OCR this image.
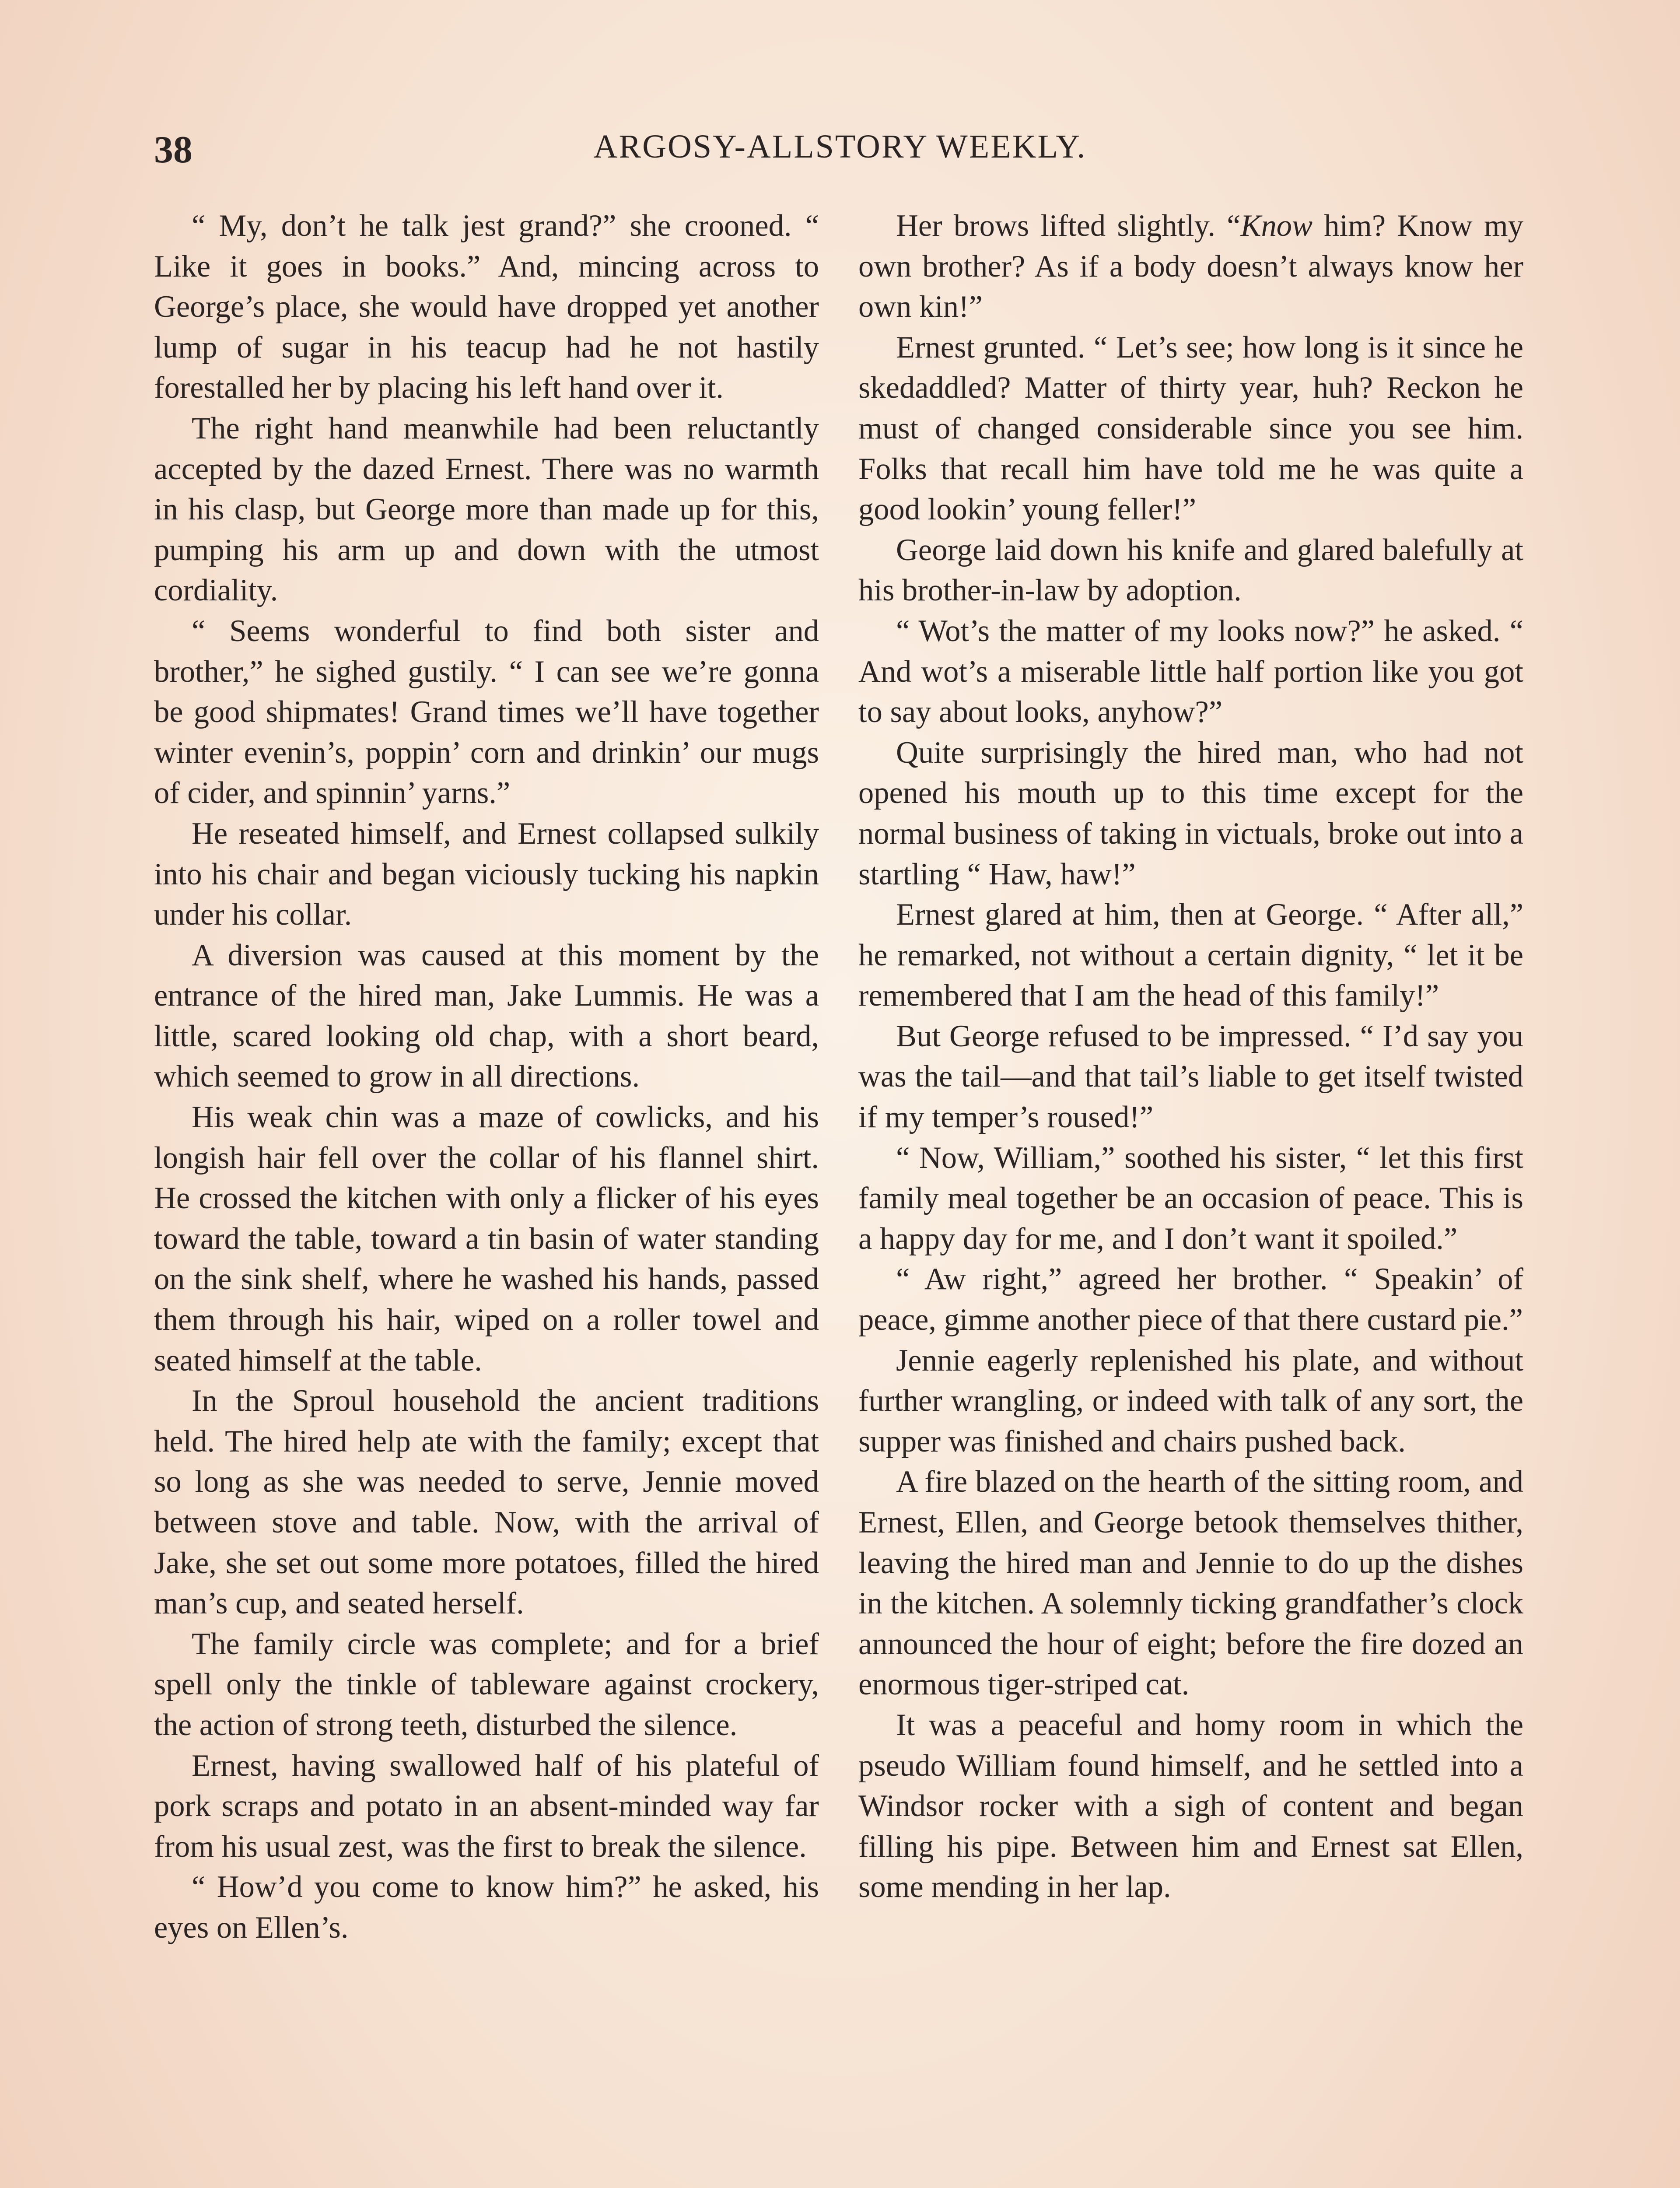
38	ARGOSY-ALLSTORY WEEKLY.

“ My, don’t he talk jest grand?” she crooned. “ Like it goes in books.” And, mincing across to George’s place, she would have dropped yet another lump of sugar in his teacup had he not hastily forestalled her by placing his left hand over it.

The right hand meanwhile had been reluctantly accepted by the dazed Ernest. There was no warmth in his clasp, but George more than made up for this, pumping his arm up and down with the utmost cordiality.

“ Seems wonderful to find both sister and brother,” he sighed gustily. “ I can see we’re gonna be good shipmates! Grand times we’ll have together winter evenin’s, poppin’ corn and drinkin’ our mugs of cider, and spinnin’ yarns.”

He reseated himself, and Ernest collapsed sulkily into his chair and began viciously tucking his napkin under his collar.

A diversion was caused at this moment by the entrance of the hired man, Jake Lummis. He was a little, scared looking old chap, with a short beard, which seemed to grow in all directions.

His weak chin was a maze of cowlicks, and his longish hair fell over the collar of his flannel shirt. He crossed the kitchen with only a flicker of his eyes toward the table, toward a tin basin of water standing on the sink shelf, where he washed his hands, passed them through his hair, wiped on a roller towel and seated himself at the table.

In the Sproul household the ancient traditions held. The hired help ate with the family; except that so long as she was needed to serve, Jennie moved between stove and table. Now, with the arrival of Jake, she set out some more potatoes, filled the hired man’s cup, and seated herself.

The family circle was complete; and for a brief spell only the tinkle of tableware against crockery, the action of strong teeth, disturbed the silence.

Ernest, having swallowed half of his plateful of pork scraps and potato in an absent-minded way far from his usual zest, was the first to break the silence.

“ How’d you come to know him?” he asked, his eyes on Ellen’s.

Her brows lifted slightly. “Know him? Know my own brother? As if a body doesn’t always know her own kin!”

Ernest grunted. “ Let’s see; how long is it since he skedaddled? Matter of thirty year, huh? Reckon he must of changed considerable since you see him. Folks that recall him have told me he was quite a good lookin’ young feller!”

George laid down his knife and glared balefully at his brother-in-law by adoption.

“ Wot’s the matter of my looks now?” he asked. “ And wot’s a miserable little half portion like you got to say about looks, anyhow?”

Quite surprisingly the hired man, who had not opened his mouth up to this time except for the normal business of taking in victuals, broke out into a startling “ Haw, haw!”

Ernest glared at him, then at George. “ After all,” he remarked, not without a certain dignity, “ let it be remembered that I am the head of this family!”

But George refused to be impressed. “ I’d say you was the tail—and that tail’s liable to get itself twisted if my temper’s roused!”

“ Now, William,” soothed his sister, “ let this first family meal together be an occasion of peace. This is a happy day for me, and I don’t want it spoiled.”

“ Aw right,” agreed her brother. “ Speakin’ of peace, gimme another piece of that there custard pie.”

Jennie eagerly replenished his plate, and without further wrangling, or indeed with talk of any sort, the supper was finished and chairs pushed back.

A fire blazed on the hearth of the sitting room, and Ernest, Ellen, and George betook themselves thither, leaving the hired man and Jennie to do up the dishes in the kitchen. A solemnly ticking grandfather’s clock announced the hour of eight; before the fire dozed an enormous tiger-striped cat.

It was a peaceful and homy room in which the pseudo William found himself, and he settled into a Windsor rocker with a sigh of content and began filling his pipe. Between him and Ernest sat Ellen, some mending in her lap.
